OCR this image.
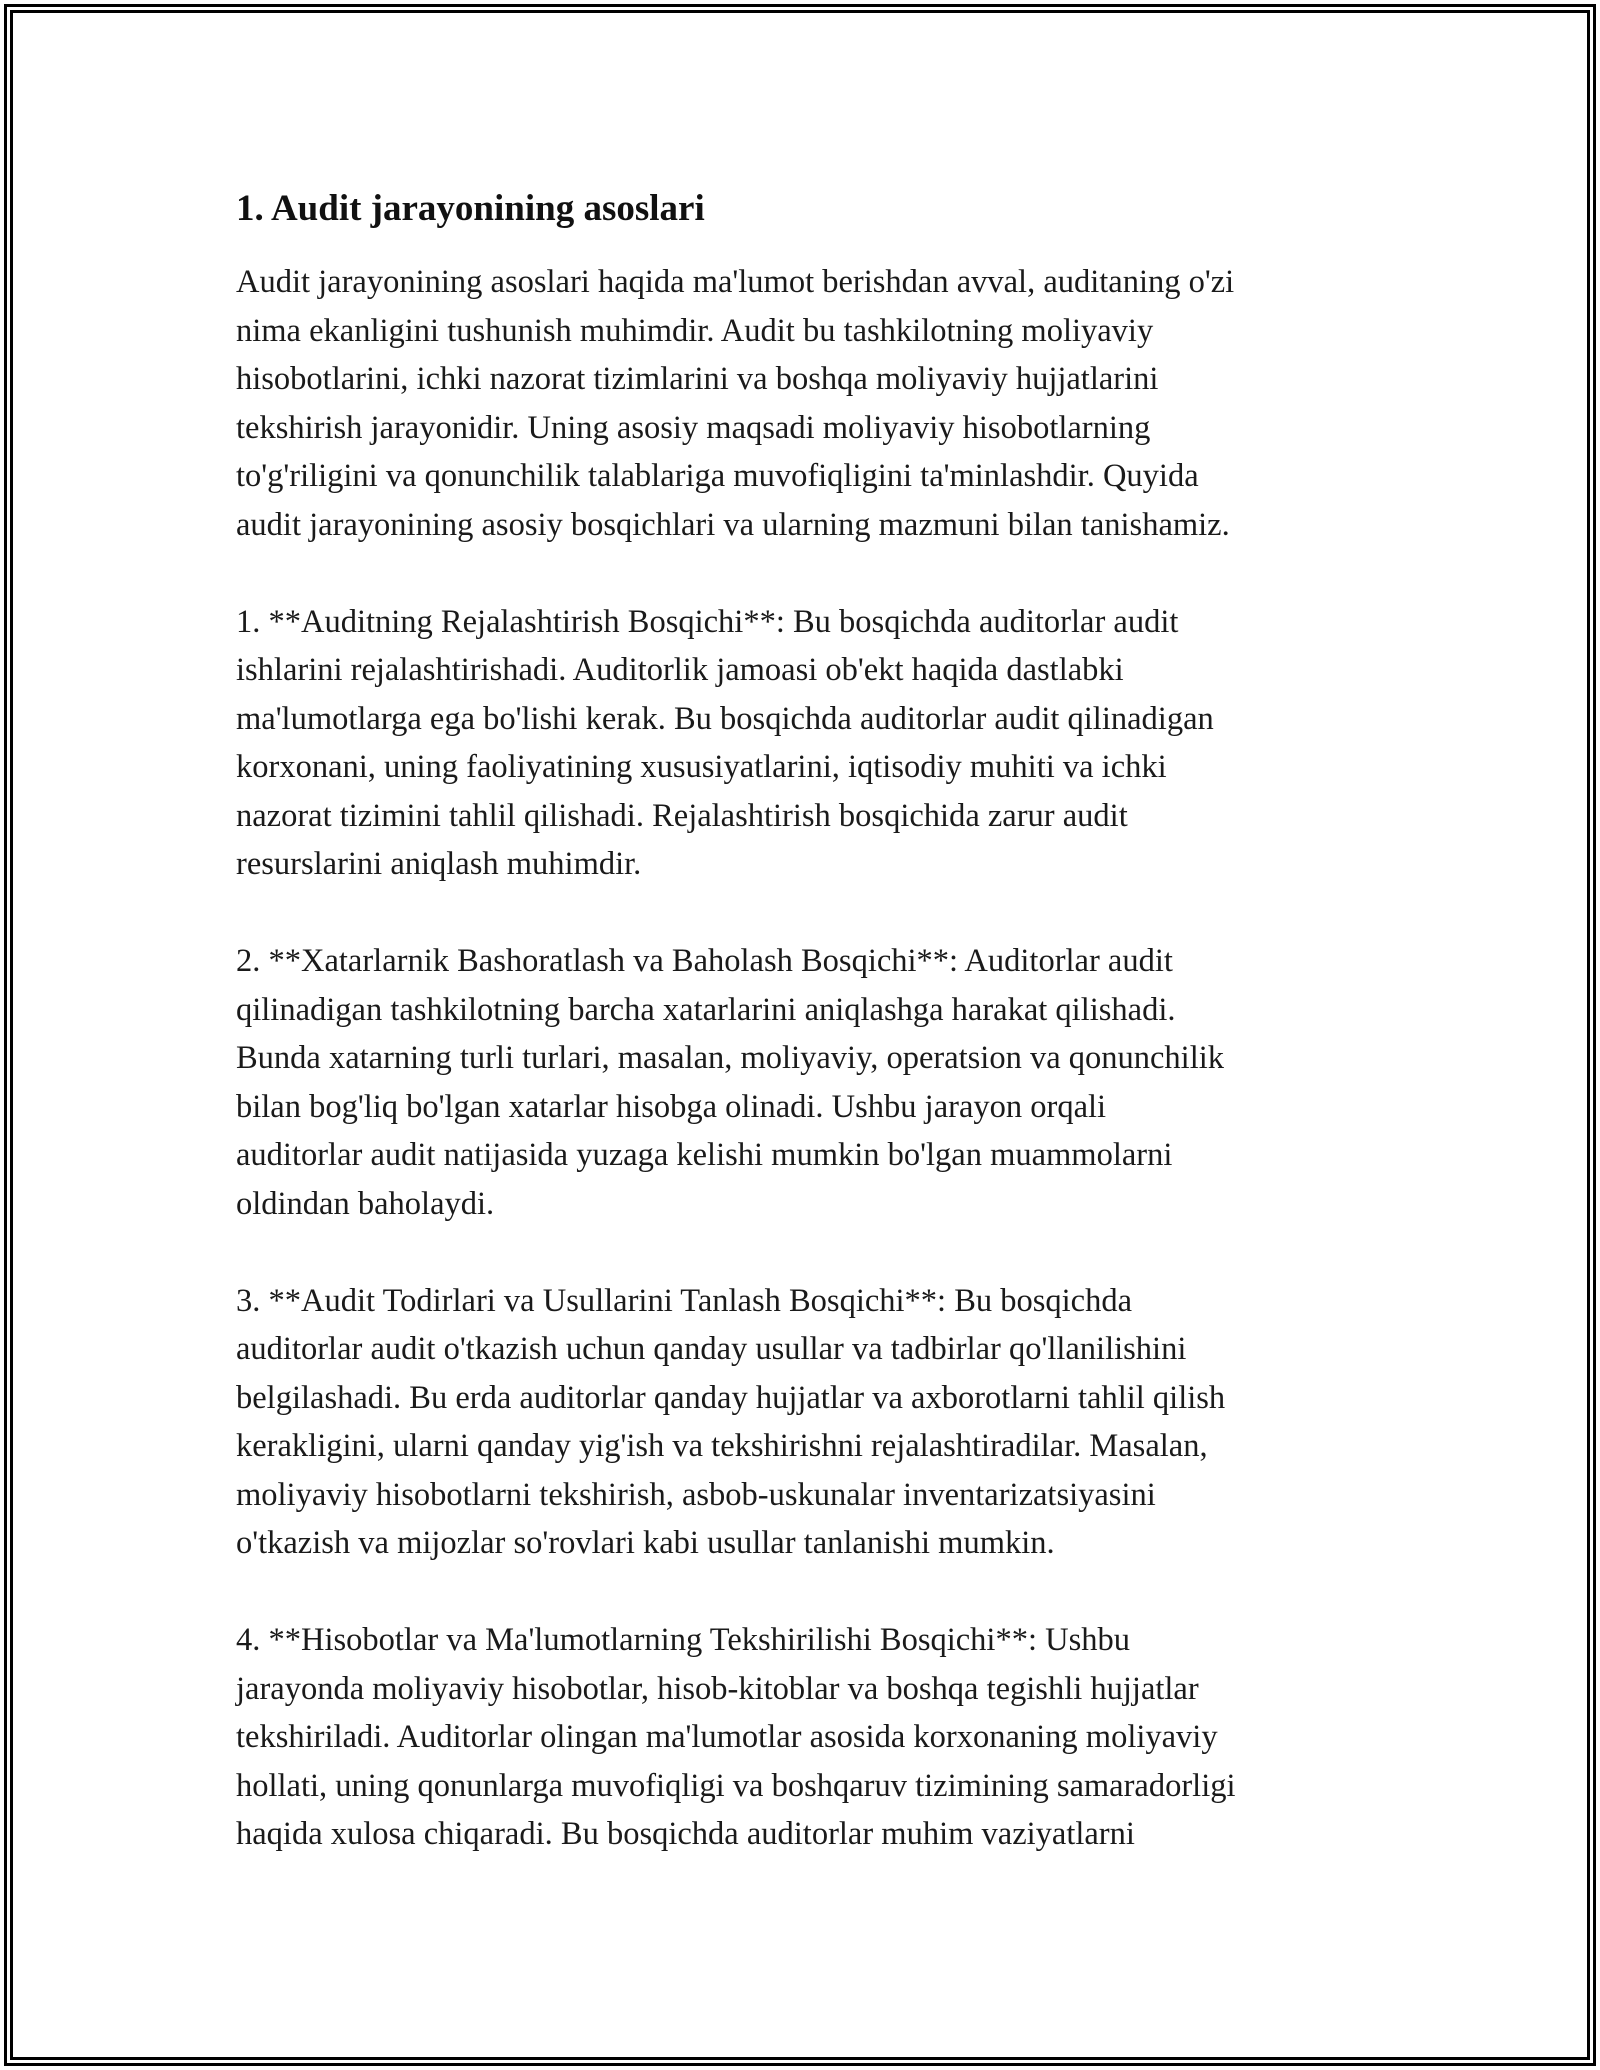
1. Audit jarayonining asoslari

Audit jarayonining asoslari haqida ma'lumot berishdan avval, auditaning o'zi
nima ekanligini tushunish muhimdir. Audit bu tashkilotning moliyaviy
hisobotlarini, ichki nazorat tizimlarini va boshqa moliyaviy hujjatlarini
tekshirish jarayonidir. Uning asosiy maqsadi moliyaviy hisobotlarning
to'g'riligini va qonunchilik talablariga muvofiqligini ta'minlashdir. Quyida
audit jarayonining asosiy bosqichlari va ularning mazmuni bilan tanishamiz.

1. **Auditning Rejalashtirish Bosqichi**: Bu bosqichda auditorlar audit
ishlarini rejalashtirishadi. Auditorlik jamoasi ob'ekt haqida dastlabki
ma'lumotlarga ega bo'lishi kerak. Bu bosqichda auditorlar audit qilinadigan
korxonani, uning faoliyatining xususiyatlarini, iqtisodiy muhiti va ichki
nazorat tizimini tahlil qilishadi. Rejalashtirish bosqichida zarur audit
resurslarini aniqlash muhimdir.

2. **Xatarlarnik Bashoratlash va Baholash Bosqichi**: Auditorlar audit
qilinadigan tashkilotning barcha xatarlarini aniqlashga harakat qilishadi.
Bunda xatarning turli turlari, masalan, moliyaviy, operatsion va qonunchilik
bilan bog'liq bo'lgan xatarlar hisobga olinadi. Ushbu jarayon orqali
auditorlar audit natijasida yuzaga kelishi mumkin bo'lgan muammolarni
oldindan baholaydi.

3. **Audit Todirlari va Usullarini Tanlash Bosqichi**: Bu bosqichda
auditorlar audit o'tkazish uchun qanday usullar va tadbirlar qo'llanilishini
belgilashadi. Bu erda auditorlar qanday hujjatlar va axborotlarni tahlil qilish
kerakligini, ularni qanday yig'ish va tekshirishni rejalashtiradilar. Masalan,
moliyaviy hisobotlarni tekshirish, asbob-uskunalar inventarizatsiyasini
o'tkazish va mijozlar so'rovlari kabi usullar tanlanishi mumkin.

4. **Hisobotlar va Ma'lumotlarning Tekshirilishi Bosqichi**: Ushbu
jarayonda moliyaviy hisobotlar, hisob-kitoblar va boshqa tegishli hujjatlar
tekshiriladi. Auditorlar olingan ma'lumotlar asosida korxonaning moliyaviy
hollati, uning qonunlarga muvofiqligi va boshqaruv tizimining samaradorligi
haqida xulosa chiqaradi. Bu bosqichda auditorlar muhim vaziyatlarni
